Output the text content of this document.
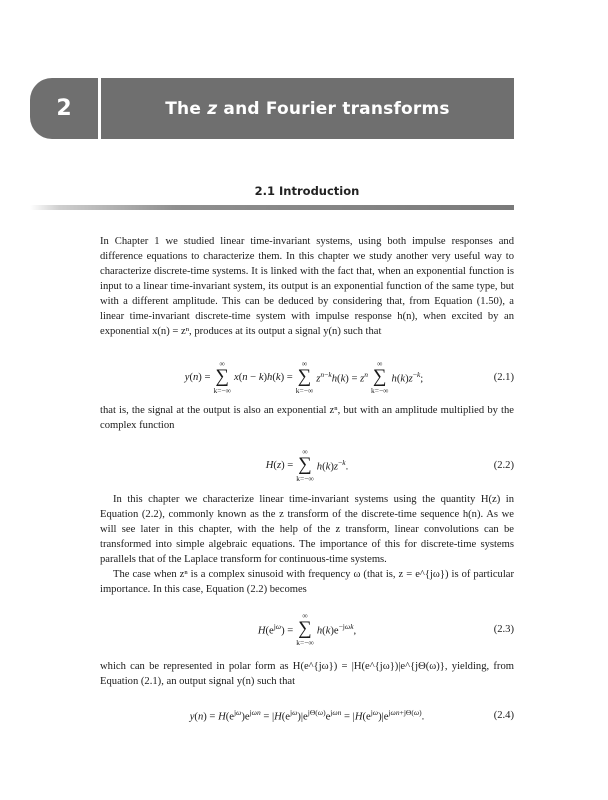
2	The z and Fourier transforms
2.1 Introduction
In Chapter 1 we studied linear time-invariant systems, using both impulse responses and difference equations to characterize them. In this chapter we study another very useful way to characterize discrete-time systems. It is linked with the fact that, when an exponential function is input to a linear time-invariant system, its output is an exponential function of the same type, but with a different amplitude. This can be deduced by considering that, from Equation (1.50), a linear time-invariant discrete-time system with impulse response h(n), when excited by an exponential x(n) = zⁿ, produces at its output a signal y(n) such that
y(n) =
∞
∑
k=−∞
x(n − k)h(k) =
∞
∑
k=−∞
$z^{n-k}h(k) = z^n$
∞
∑
k=−∞
$h(k)z^{-k}$;	(2.1)
that is, the signal at the output is also an exponential zⁿ, but with an amplitude multiplied by the complex function
H(z) =
∞
∑
k=−∞
$h(k)z^{-k}$.	(2.2)
In this chapter we characterize linear time-invariant systems using the quantity H(z) in Equation (2.2), commonly known as the z transform of the discrete-time sequence h(n). As we will see later in this chapter, with the help of the z transform, linear convolutions can be transformed into simple algebraic equations. The importance of this for discrete-time systems parallels that of the Laplace transform for continuous-time systems.
The case when zⁿ is a complex sinusoid with frequency ω (that is, z = e^{jω}) is of particular importance. In this case, Equation (2.2) becomes
$H(e^{j\omega})$ =
∞
∑
k=−∞
$h(k)e^{-j\omega k}$,	(2.3)
which can be represented in polar form as H(e^{jω}) = |H(e^{jω})|e^{jΘ(ω)}, yielding, from Equation (2.1), an output signal y(n) such that
$y(n) = H(e^{j\omega})e^{j\omega n} = |H(e^{j\omega})|e^{j\Theta(\omega)}e^{j\omega n} = |H(e^{j\omega})|e^{j\omega n+j\Theta(\omega)}$.	(2.4)
